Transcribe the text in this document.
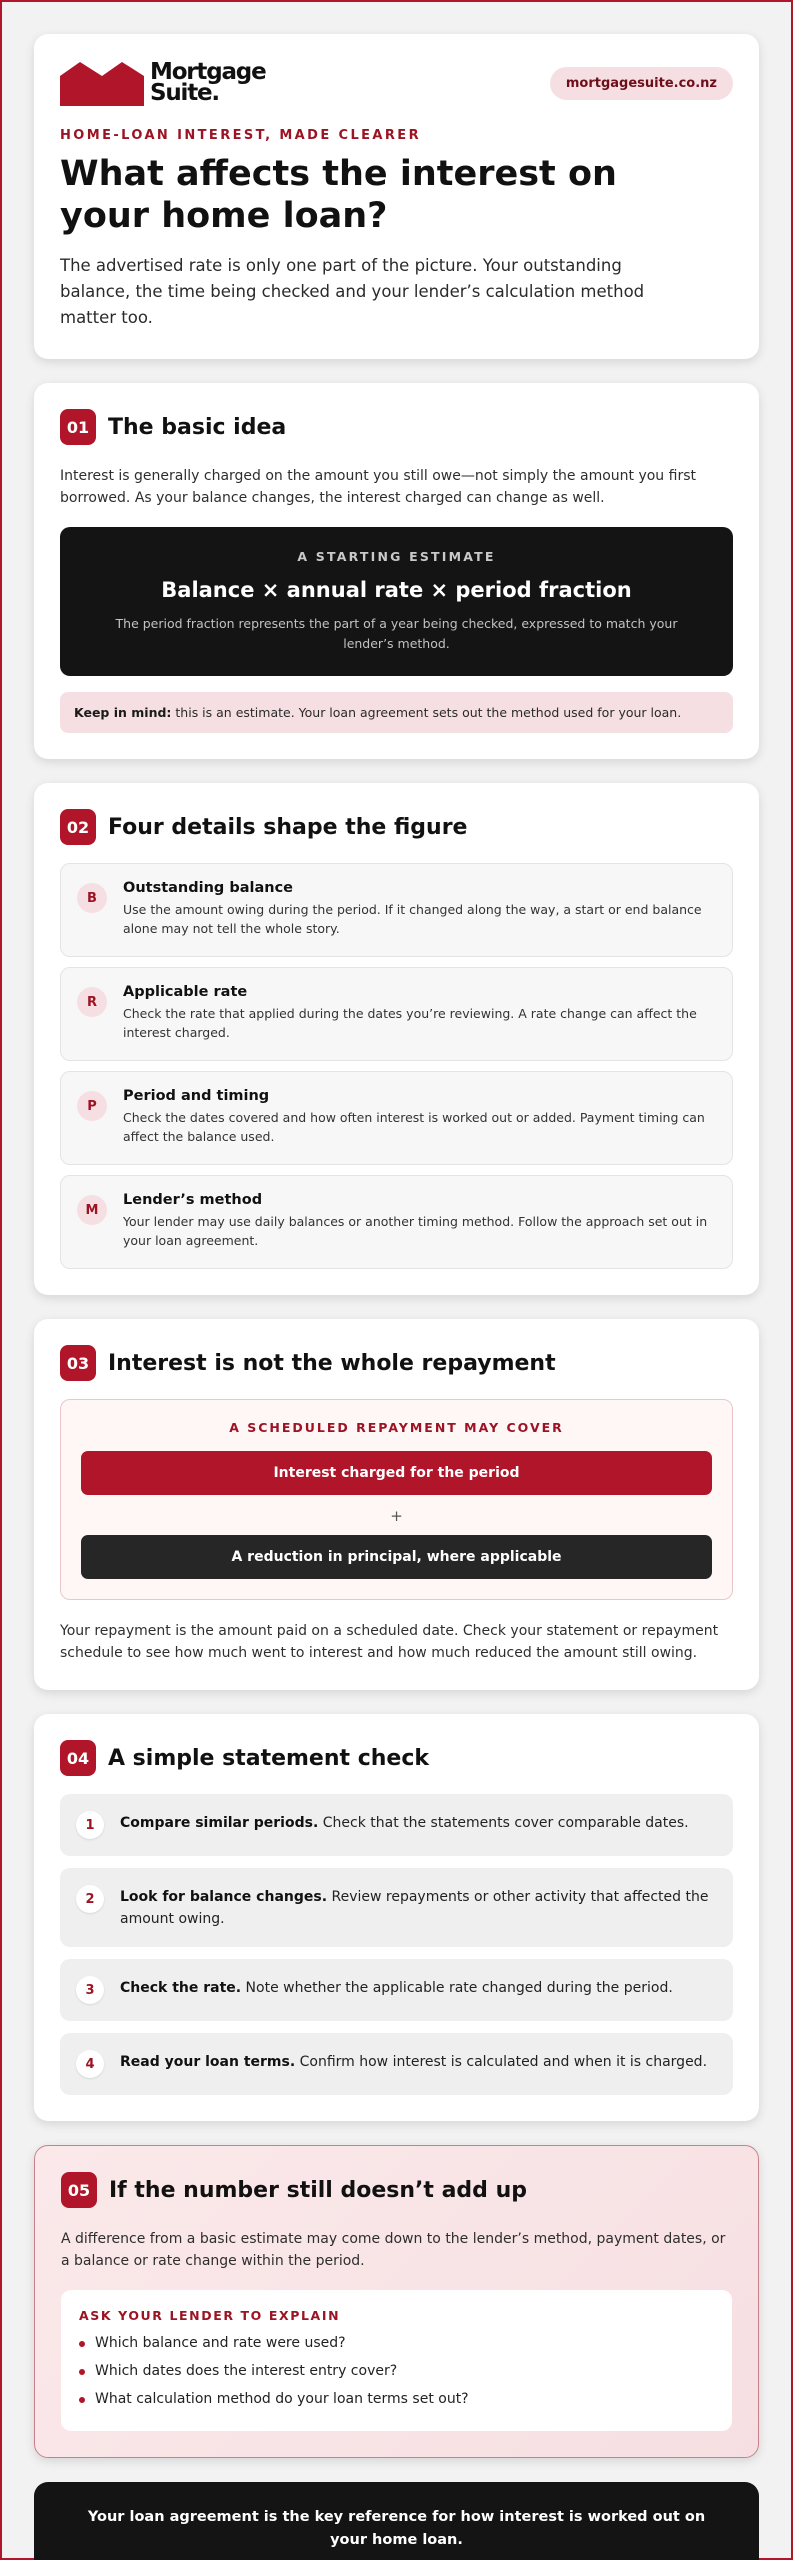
Mortgage
Suite.	mortgagesuite.co.nz
HOME-LOAN INTEREST, MADE CLEARER
What affects the interest on your home loan?

The advertised rate is only one part of the picture. Your outstanding balance, the time being checked and your lender’s calculation method matter too.

01 The basic idea

Interest is generally charged on the amount you still owe—not simply the amount you first borrowed. As your balance changes, the interest charged can change as well.

A STARTING ESTIMATE
Balance × annual rate × period fraction
The period fraction represents the part of a year being checked, expressed to match your lender’s method.
Keep in mind: this is an estimate. Your loan agreement sets out the method used for your loan.
02 Four details shape the figure
B
Outstanding balance
Use the amount owing during the period. If it changed along the way, a start or end balance alone may not tell the whole story.
R
Applicable rate
Check the rate that applied during the dates you’re reviewing. A rate change can affect the interest charged.
P
Period and timing
Check the dates covered and how often interest is worked out or added. Payment timing can affect the balance used.
M
Lender’s method
Your lender may use daily balances or another timing method. Follow the approach set out in your loan agreement.
03 Interest is not the whole repayment
A SCHEDULED REPAYMENT MAY COVER
Interest charged for the period
+
A reduction in principal, where applicable

Your repayment is the amount paid on a scheduled date. Check your statement or repayment schedule to see how much went to interest and how much reduced the amount still owing.

04 A simple statement check
1	Compare similar periods. Check that the statements cover comparable dates.
2	Look for balance changes. Review repayments or other activity that affected the amount owing.
3	Check the rate. Note whether the applicable rate changed during the period.
4	Read your loan terms. Confirm how interest is calculated and when it is charged.
05 If the number still doesn’t add up

A difference from a basic estimate may come down to the lender’s method, payment dates, or a balance or rate change within the period.

ASK YOUR LENDER TO EXPLAIN
Which balance and rate were used?
Which dates does the interest entry cover?
What calculation method do your loan terms set out?
Your loan agreement is the key reference for how interest is worked out on your home loan.
